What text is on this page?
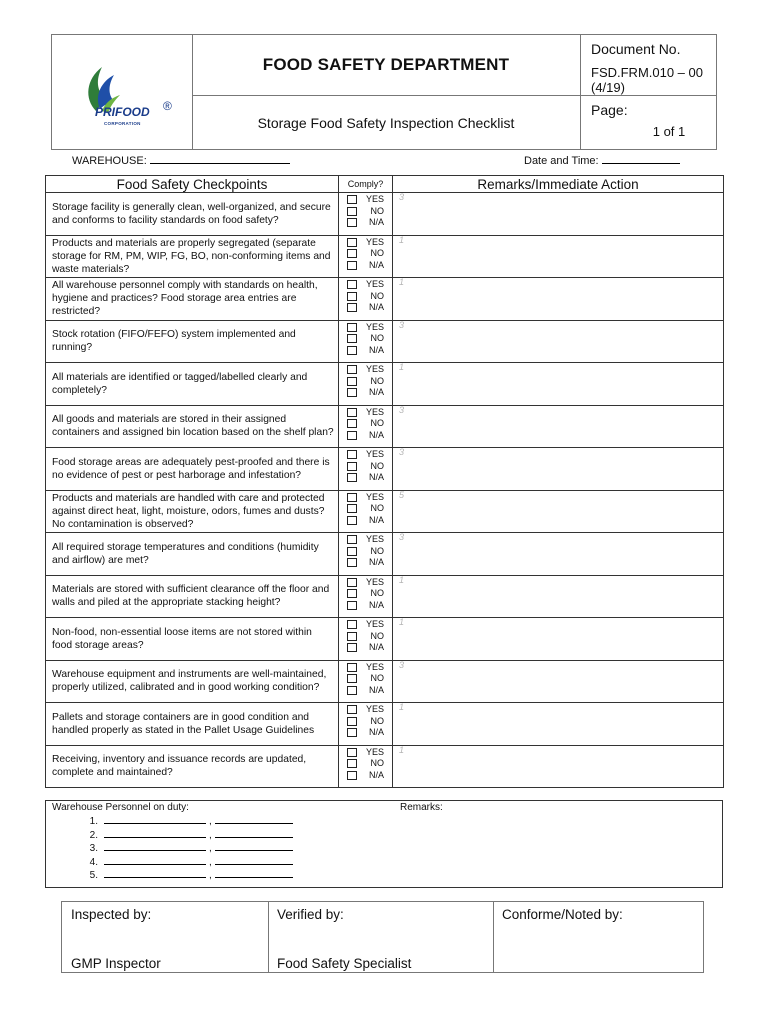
PRIFOOD ®
CORPORATION
FOOD SAFETY DEPARTMENT
Storage Food Safety Inspection Checklist
Document No.
FSD.FRM.010 – 00 (4/19)
Page:
1 of 1
WAREHOUSE:	Date and Time:
Food Safety Checkpoints	Comply?	Remarks/Immediate Action
Storage facility is generally clean, well-organized, and secure and conforms to facility standards on food safety?	YES
NO
N/A	3

Products and materials are properly segregated (separate storage for RM, PM, WIP, FG, BO, non-conforming items and waste materials?	YES
NO
N/A	1

All warehouse personnel comply with standards on health, hygiene and practices? Food storage area entries are restricted?	YES
NO
N/A	1

Stock rotation (FIFO/FEFO) system implemented and running?	YES
NO
N/A	3

All materials are identified or tagged/labelled clearly and completely?	YES
NO
N/A	1

All goods and materials are stored in their assigned containers and assigned bin location based on the shelf plan?	YES
NO
N/A	3

Food storage areas are adequately pest-proofed and there is no evidence of pest or pest harborage and infestation?	YES
NO
N/A	3

Products and materials are handled with care and protected against direct heat, light, moisture, odors, fumes and dusts? No contamination is observed?	YES
NO
N/A	5

All required storage temperatures and conditions (humidity and airflow) are met?	YES
NO
N/A	3

Materials are stored with sufficient clearance off the floor and walls and piled at the appropriate stacking height?	YES
NO
N/A	1

Non-food, non-essential loose items are not stored within food storage areas?	YES
NO
N/A	1

Warehouse equipment and instruments are well-maintained, properly utilized, calibrated and in good working condition?	YES
NO
N/A	3

Pallets and storage containers are in good condition and handled properly as stated in the Pallet Usage Guidelines	YES
NO
N/A	1

Receiving, inventory and issuance records are updated, complete and maintained?	YES
NO
N/A	1
Warehouse Personnel on duty:	Remarks:
1.	,
2.	,
3.	,
4.	,
5.	,
Inspected by:
GMP Inspector
Verified by:
Food Safety Specialist
Conforme/Noted by:
